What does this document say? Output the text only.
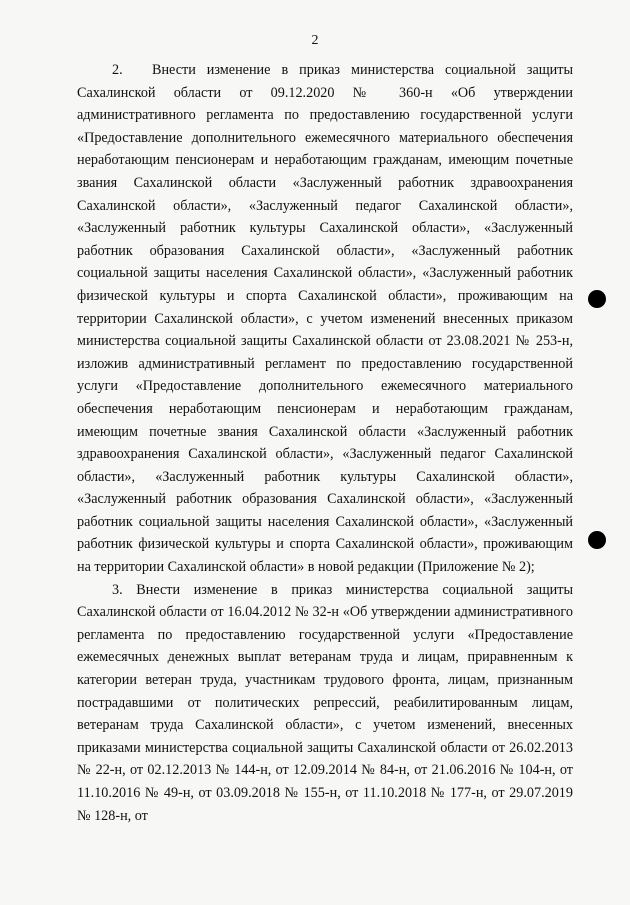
2

2. Внести изменение в приказ министерства социальной защиты Сахалинской области от 09.12.2020 № 360-н «Об утверждении административного регламента по предоставлению государственной услуги «Предоставление дополнительного ежемесячного материального обеспечения неработающим пенсионерам и неработающим гражданам, имеющим почетные звания Сахалинской области «Заслуженный работник здравоохранения Сахалинской области», «Заслуженный педагог Сахалинской области», «Заслуженный работник культуры Сахалинской области», «Заслуженный работник образования Сахалинской области», «Заслуженный работник социальной защиты населения Сахалинской области», «Заслуженный работник физической культуры и спорта Сахалинской области», проживающим на территории Сахалинской области», с учетом изменений внесенных приказом министерства социальной защиты Сахалинской области от 23.08.2021 № 253-н, изложив административный регламент по предоставлению государственной услуги «Предоставление дополнительного ежемесячного материального обеспечения неработающим пенсионерам и неработающим гражданам, имеющим почетные звания Сахалинской области «Заслуженный работник здравоохранения Сахалинской области», «Заслуженный педагог Сахалинской области», «Заслуженный работник культуры Сахалинской области», «Заслуженный работник образования Сахалинской области», «Заслуженный работник социальной защиты населения Сахалинской области», «Заслуженный работник физической культуры и спорта Сахалинской области», проживающим на территории Сахалинской области» в новой редакции (Приложение № 2);

3. Внести изменение в приказ министерства социальной защиты Сахалинской области от 16.04.2012 № 32-н «Об утверждении административного регламента по предоставлению государственной услуги «Предоставление ежемесячных денежных выплат ветеранам труда и лицам, приравненным к категории ветеран труда, участникам трудового фронта, лицам, признанным пострадавшими от политических репрессий, реабилитированным лицам, ветеранам труда Сахалинской области», с учетом изменений, внесенных приказами министерства социальной защиты Сахалинской области от 26.02.2013 № 22-н, от 02.12.2013 № 144-н, от 12.09.2014 № 84-н, от 21.06.2016 № 104-н, от 11.10.2016 № 49-н, от 03.09.2018 № 155-н, от 11.10.2018 № 177-н, от 29.07.2019 № 128-н, от
